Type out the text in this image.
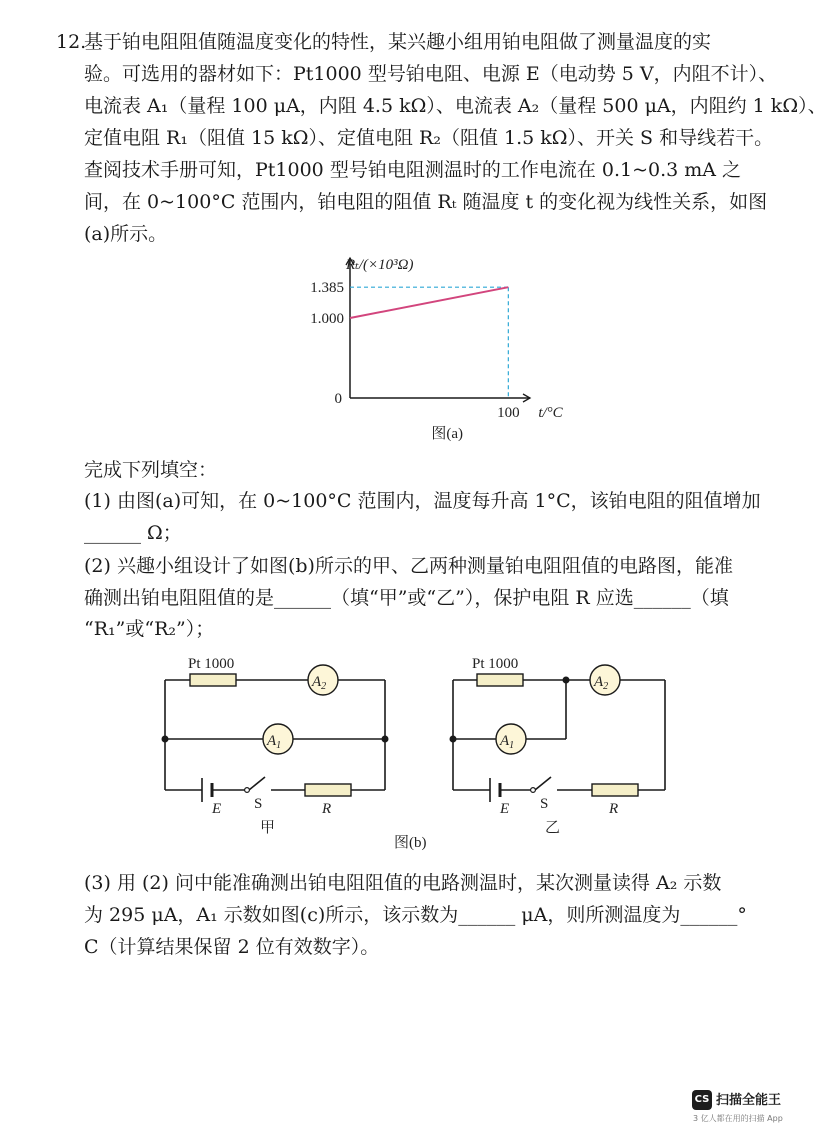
12.
基于铂电阻阻值随温度变化的特性，某兴趣小组用铂电阻做了测量温度的实
验。可选用的器材如下：Pt1000 型号铂电阻、电源 E（电动势 5 V，内阻不计）、
电流表 A₁（量程 100 μA，内阻 4.5 kΩ）、电流表 A₂（量程 500 μA，内阻约 1 kΩ）、
定值电阻 R₁（阻值 15 kΩ）、定值电阻 R₂（阻值 1.5 kΩ）、开关 S 和导线若干。
查阅技术手册可知，Pt1000 型号铂电阻测温时的工作电流在 0.1~0.3 mA 之
间，在 0~100°C 范围内，铂电阻的阻值 Rₜ 随温度 t 的变化视为线性关系，如图
(a)所示。
1.385
1.000
100
0
Rₜ/(×10³Ω)
t/°C
图(a)
完成下列填空：
(1) 由图(a)可知，在 0~100°C 范围内，温度每升高 1°C，该铂电阻的阻值增加
______ Ω；
(2) 兴趣小组设计了如图(b)所示的甲、乙两种测量铂电阻阻值的电路图，能准
确测出铂电阻阻值的是______（填“甲”或“乙”），保护电阻 R 应选______（填
“R₁”或“R₂”）；
Pt 1000
$A_2$
$A_1$
E S	R
甲
Pt 1000
$A_2$
$A_1$
E S	R
乙
图(b)
(3) 用 (2) 问中能准确测出铂电阻阻值的电路测温时，某次测量读得 A₂ 示数
为 295 μA，A₁ 示数如图(c)所示，该示数为______ μA，则所测温度为______°
C（计算结果保留 2 位有效数字）。
CS 扫描全能王
3 亿人都在用的扫描 App
